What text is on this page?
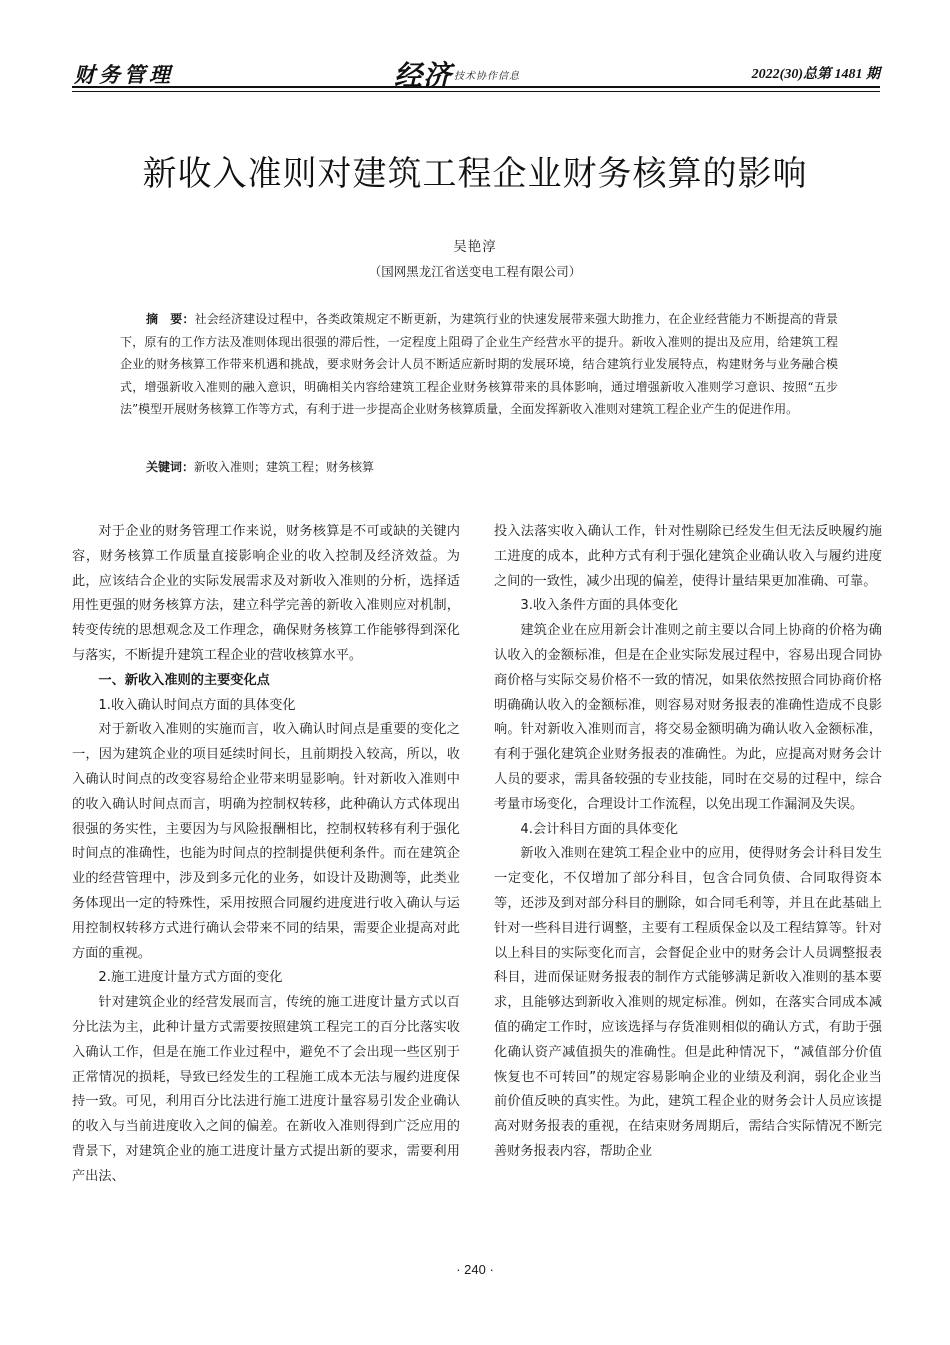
财务管理	经济 技术协作信息	2022(30)总第 1481 期
新收入准则对建筑工程企业财务核算的影响
吴艳淳
（国网黑龙江省送变电工程有限公司）
摘　要：社会经济建设过程中，各类政策规定不断更新，为建筑行业的快速发展带来强大助推力，在企业经营能力不断提高的背景下，原有的工作方法及准则体现出很强的滞后性，一定程度上阻碍了企业生产经营水平的提升。新收入准则的提出及应用，给建筑工程企业的财务核算工作带来机遇和挑战，要求财务会计人员不断适应新时期的发展环境，结合建筑行业发展特点，构建财务与业务融合模式，增强新收入准则的融入意识，明确相关内容给建筑工程企业财务核算带来的具体影响，通过增强新收入准则学习意识、按照“五步法”模型开展财务核算工作等方式，有利于进一步提高企业财务核算质量，全面发挥新收入准则对建筑工程企业产生的促进作用。
关键词：新收入准则；建筑工程；财务核算

对于企业的财务管理工作来说，财务核算是不可或缺的关键内容，财务核算工作质量直接影响企业的收入控制及经济效益。为此，应该结合企业的实际发展需求及对新收入准则的分析，选择适用性更强的财务核算方法，建立科学完善的新收入准则应对机制，转变传统的思想观念及工作理念，确保财务核算工作能够得到深化与落实，不断提升建筑工程企业的营收核算水平。

一、新收入准则的主要变化点

1.收入确认时间点方面的具体变化

对于新收入准则的实施而言，收入确认时间点是重要的变化之一，因为建筑企业的项目延续时间长，且前期投入较高，所以，收入确认时间点的改变容易给企业带来明显影响。针对新收入准则中的收入确认时间点而言，明确为控制权转移，此种确认方式体现出很强的务实性，主要因为与风险报酬相比，控制权转移有利于强化时间点的准确性，也能为时间点的控制提供便利条件。而在建筑企业的经营管理中，涉及到多元化的业务，如设计及勘测等，此类业务体现出一定的特殊性，采用按照合同履约进度进行收入确认与运用控制权转移方式进行确认会带来不同的结果，需要企业提高对此方面的重视。

2.施工进度计量方式方面的变化

针对建筑企业的经营发展而言，传统的施工进度计量方式以百分比法为主，此种计量方式需要按照建筑工程完工的百分比落实收入确认工作，但是在施工作业过程中，避免不了会出现一些区别于正常情况的损耗，导致已经发生的工程施工成本无法与履约进度保持一致。可见，利用百分比法进行施工进度计量容易引发企业确认的收入与当前进度收入之间的偏差。在新收入准则得到广泛应用的背景下，对建筑企业的施工进度计量方式提出新的要求，需要利用产出法、

投入法落实收入确认工作，针对性剔除已经发生但无法反映履约施工进度的成本，此种方式有利于强化建筑企业确认收入与履约进度之间的一致性，减少出现的偏差，使得计量结果更加准确、可靠。

3.收入条件方面的具体变化

建筑企业在应用新会计准则之前主要以合同上协商的价格为确认收入的金额标准，但是在企业实际发展过程中，容易出现合同协商价格与实际交易价格不一致的情况，如果依然按照合同协商价格明确确认收入的金额标准，则容易对财务报表的准确性造成不良影响。针对新收入准则而言，将交易金额明确为确认收入金额标准，有利于强化建筑企业财务报表的准确性。为此，应提高对财务会计人员的要求，需具备较强的专业技能，同时在交易的过程中，综合考量市场变化，合理设计工作流程，以免出现工作漏洞及失误。

4.会计科目方面的具体变化

新收入准则在建筑工程企业中的应用，使得财务会计科目发生一定变化，不仅增加了部分科目，包含合同负债、合同取得资本等，还涉及到对部分科目的删除，如合同毛利等，并且在此基础上针对一些科目进行调整，主要有工程质保金以及工程结算等。针对以上科目的实际变化而言，会督促企业中的财务会计人员调整报表科目，进而保证财务报表的制作方式能够满足新收入准则的基本要求，且能够达到新收入准则的规定标准。例如，在落实合同成本减值的确定工作时，应该选择与存货准则相似的确认方式，有助于强化确认资产减值损失的准确性。但是此种情况下，“减值部分价值恢复也不可转回”的规定容易影响企业的业绩及利润，弱化企业当前价值反映的真实性。为此，建筑工程企业的财务会计人员应该提高对财务报表的重视，在结束财务周期后，需结合实际情况不断完善财务报表内容，帮助企业

· 240 ·
